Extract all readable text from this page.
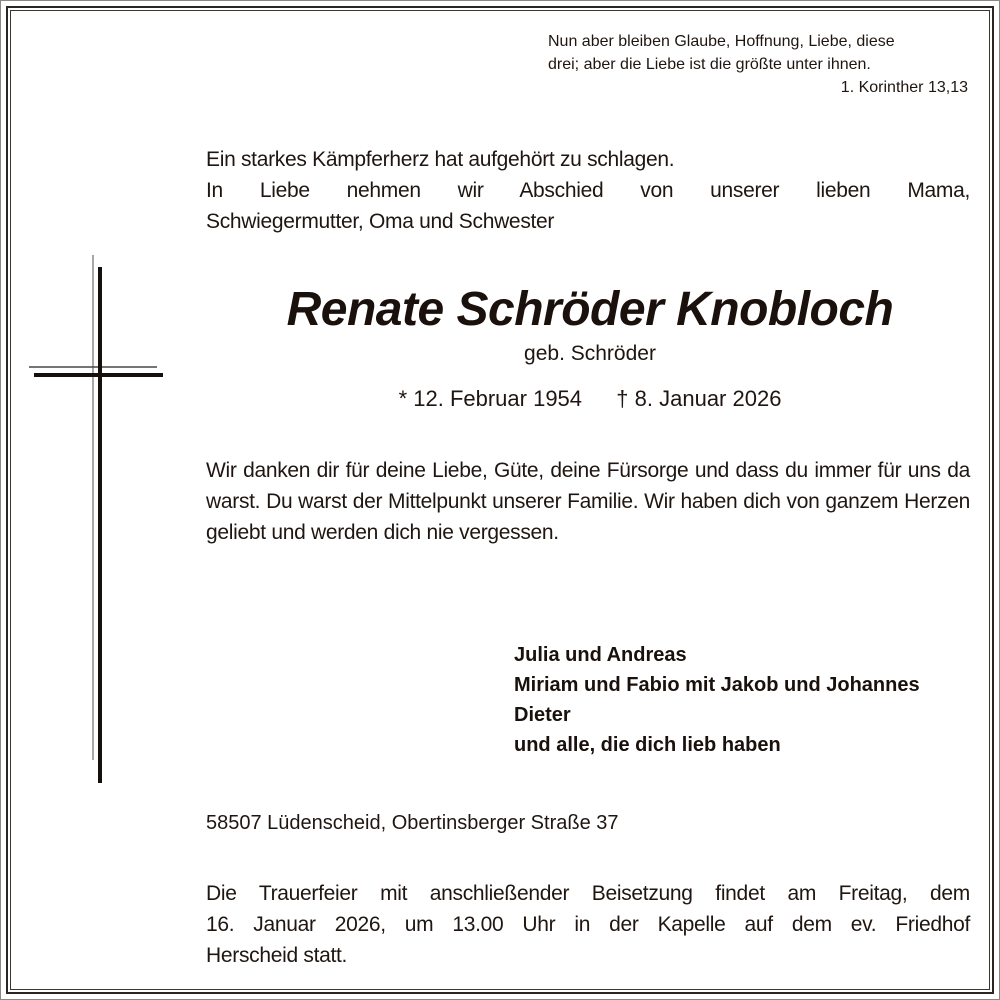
Nun aber bleiben Glaube, Hoffnung, Liebe, diese
drei; aber die Liebe ist die größte unter ihnen.
1. Korinther 13,13
Ein starkes Kämpferherz hat aufgehört zu schlagen.
In Liebe nehmen wir Abschied von unserer lieben Mama,
Schwiegermutter, Oma und Schwester
Renate Schröder Knobloch
geb. Schröder
* 12. Februar 1954 † 8. Januar 2026
Wir danken dir für deine Liebe, Güte, deine Fürsorge und dass du immer für uns da warst. Du warst der Mittelpunkt unserer Familie. Wir haben dich von ganzem Herzen geliebt und werden dich nie vergessen.
Julia und Andreas
Miriam und Fabio mit Jakob und Johannes
Dieter
und alle, die dich lieb haben
58507 Lüdenscheid, Obertinsberger Straße 37
Die Trauerfeier mit anschließender Beisetzung findet am Freitag, dem
16. Januar 2026, um 13.00 Uhr in der Kapelle auf dem ev. Friedhof
Herscheid statt.
